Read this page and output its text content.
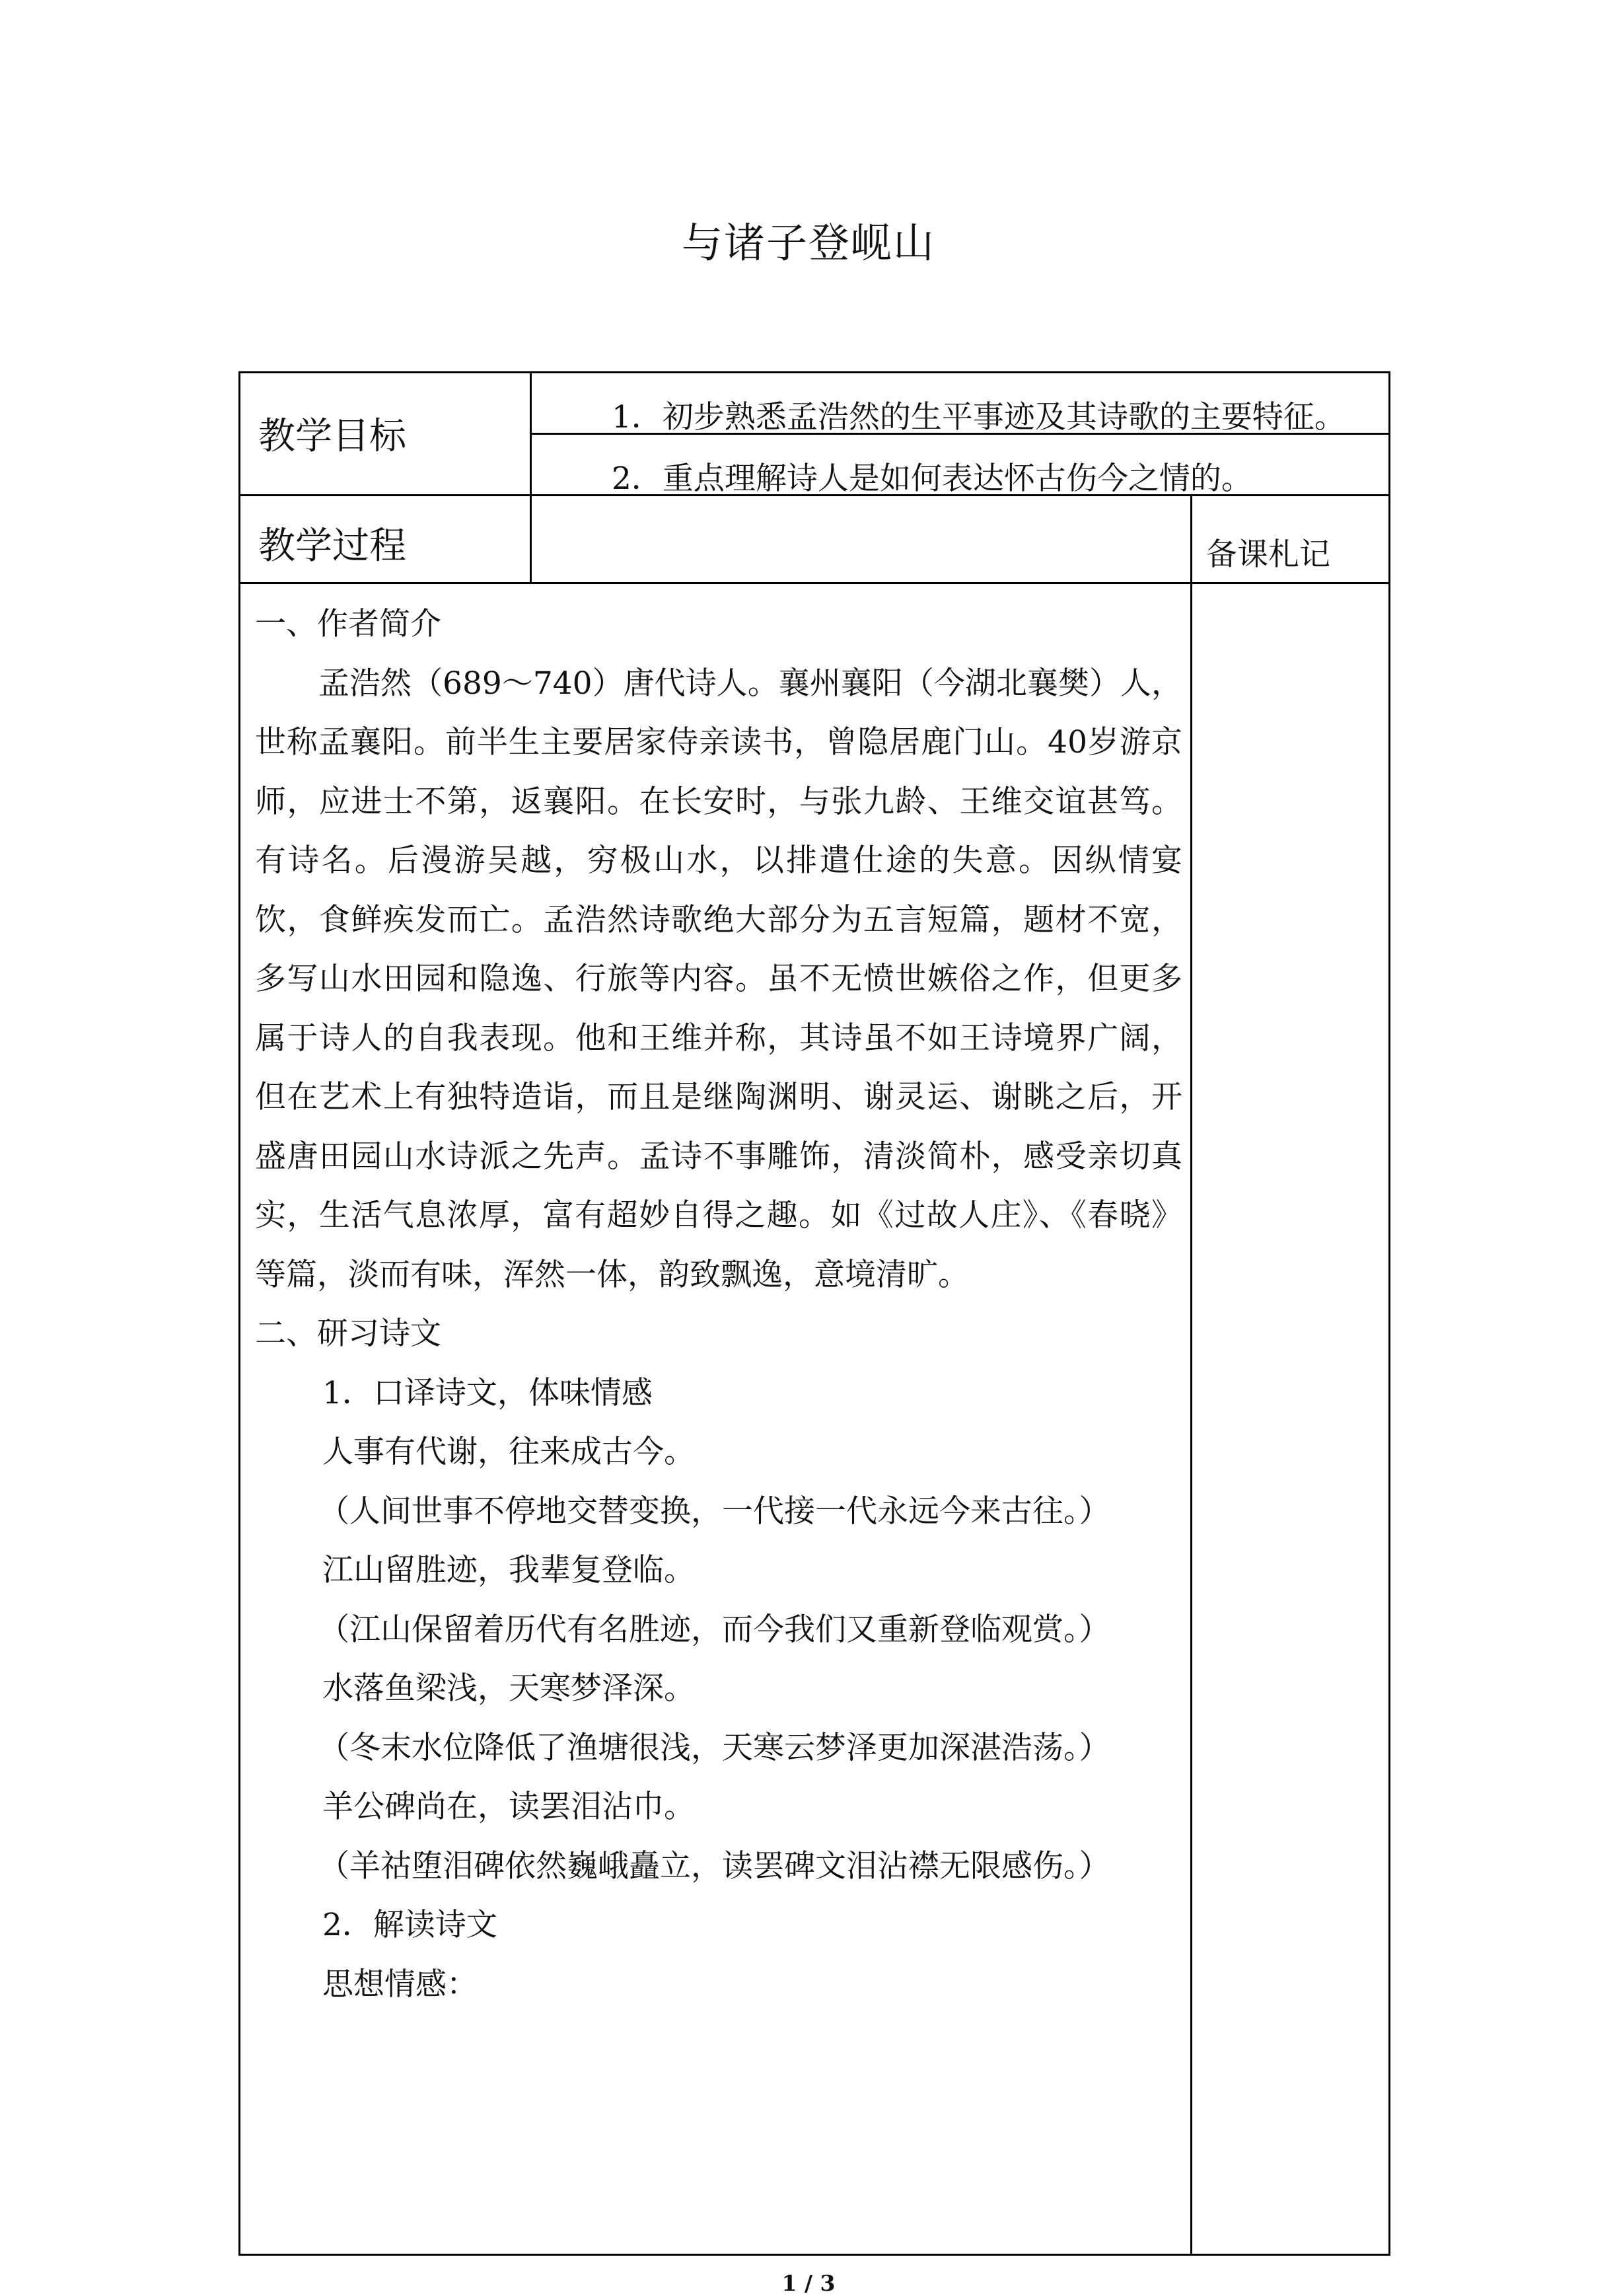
与诸子登岘山
教学目标	1．初步熟悉孟浩然的生平事迹及其诗歌的主要特征。
2．重点理解诗人是如何表达怀古伤今之情的。
教学过程	备课札记

一、作者简介

孟浩然（689～740）唐代诗人。襄州襄阳（今湖北襄樊）人，世称孟襄阳。前半生主要居家侍亲读书，曾隐居鹿门山。40岁游京师，应进士不第，返襄阳。在长安时，与张九龄、王维交谊甚笃。有诗名。后漫游吴越，穷极山水，以排遣仕途的失意。因纵情宴饮，食鲜疾发而亡。孟浩然诗歌绝大部分为五言短篇，题材不宽，多写山水田园和隐逸、行旅等内容。虽不无愤世嫉俗之作，但更多属于诗人的自我表现。他和王维并称，其诗虽不如王诗境界广阔，但在艺术上有独特造诣，而且是继陶渊明、谢灵运、谢眺之后，开盛唐田园山水诗派之先声。孟诗不事雕饰，清淡简朴，感受亲切真实，生活气息浓厚，富有超妙自得之趣。如《过故人庄》、《春晓》等篇，淡而有味，浑然一体，韵致飘逸，意境清旷。

二、研习诗文

1．口译诗文，体味情感

人事有代谢，往来成古今。

（人间世事不停地交替变换，一代接一代永远今来古往。）

江山留胜迹，我辈复登临。

（江山保留着历代有名胜迹，而今我们又重新登临观赏。）

水落鱼梁浅，天寒梦泽深。

（冬末水位降低了渔塘很浅，天寒云梦泽更加深湛浩荡。）

羊公碑尚在，读罢泪沾巾。

（羊祜堕泪碑依然巍峨矗立，读罢碑文泪沾襟无限感伤。）

2．解读诗文

思想情感：

1 / 3
